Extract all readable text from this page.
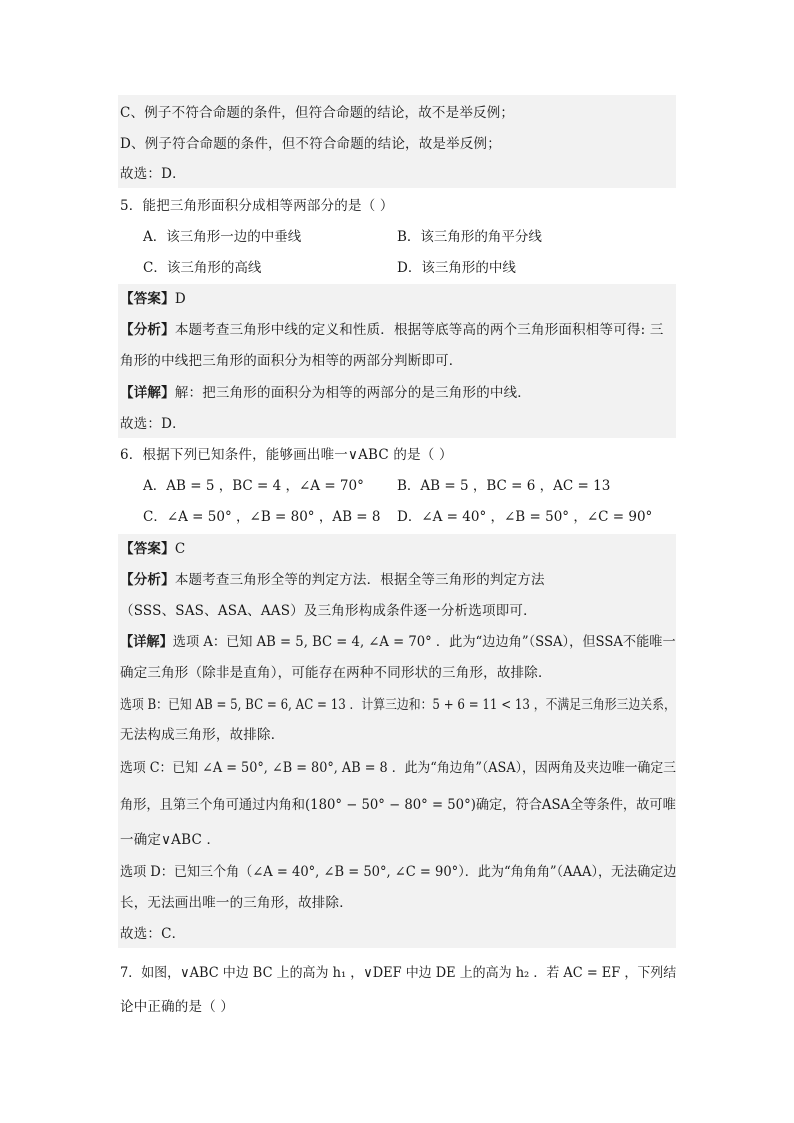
C、例子不符合命题的条件，但符合命题的结论，故不是举反例；
D、例子符合命题的条件，但不符合命题的结论，故是举反例；
故选：D．
5．能把三角形面积分成相等两部分的是（ ）
A．该三角形一边的中垂线	B．该三角形的角平分线
C．该三角形的高线	D．该三角形的中线
【答案】D
【分析】本题考查三角形中线的定义和性质．根据等底等高的两个三角形面积相等可得: 三
角形的中线把三角形的面积分为相等的两部分判断即可．
【详解】解：把三角形的面积分为相等的两部分的是三角形的中线．
故选：D．
6．根据下列已知条件，能够画出唯一∨ABC 的是（ ）
A．AB = 5 ，BC = 4 ，∠A = 70° B．AB = 5 ，BC = 6 ，AC = 13
C．∠A = 50° ，∠B = 80° ，AB = 8 D．∠A = 40° ，∠B = 50° ，∠C = 90°
【答案】C
【分析】本题考查三角形全等的判定方法．根据全等三角形的判定方法
（SSS、SAS、ASA、AAS）及三角形构成条件逐一分析选项即可．
【详解】选项 A：已知 AB = 5, BC = 4, ∠A = 70° ．此为“边边角”（SSA），但SSA不能唯一
确定三角形（除非是直角），可能存在两种不同形状的三角形，故排除．
选项 B：已知 AB = 5, BC = 6, AC = 13 ．计算三边和：5 + 6 = 11 < 13 ，不满足三角形三边关系，
无法构成三角形，故排除．
选项 C：已知 ∠A = 50°, ∠B = 80°, AB = 8 ．此为“角边角”（ASA），因两角及夹边唯一确定三
角形，且第三个角可通过内角和(180° − 50° − 80° = 50°)确定，符合ASA全等条件，故可唯
一确定∨ABC ．
选项 D：已知三个角（∠A = 40°, ∠B = 50°, ∠C = 90°）．此为“角角角”（AAA），无法确定边
长，无法画出唯一的三角形，故排除．
故选：C．
7．如图，∨ABC 中边 BC 上的高为 h₁ ，∨DEF 中边 DE 上的高为 h₂ ．若 AC = EF ，下列结
论中正确的是（ ）
